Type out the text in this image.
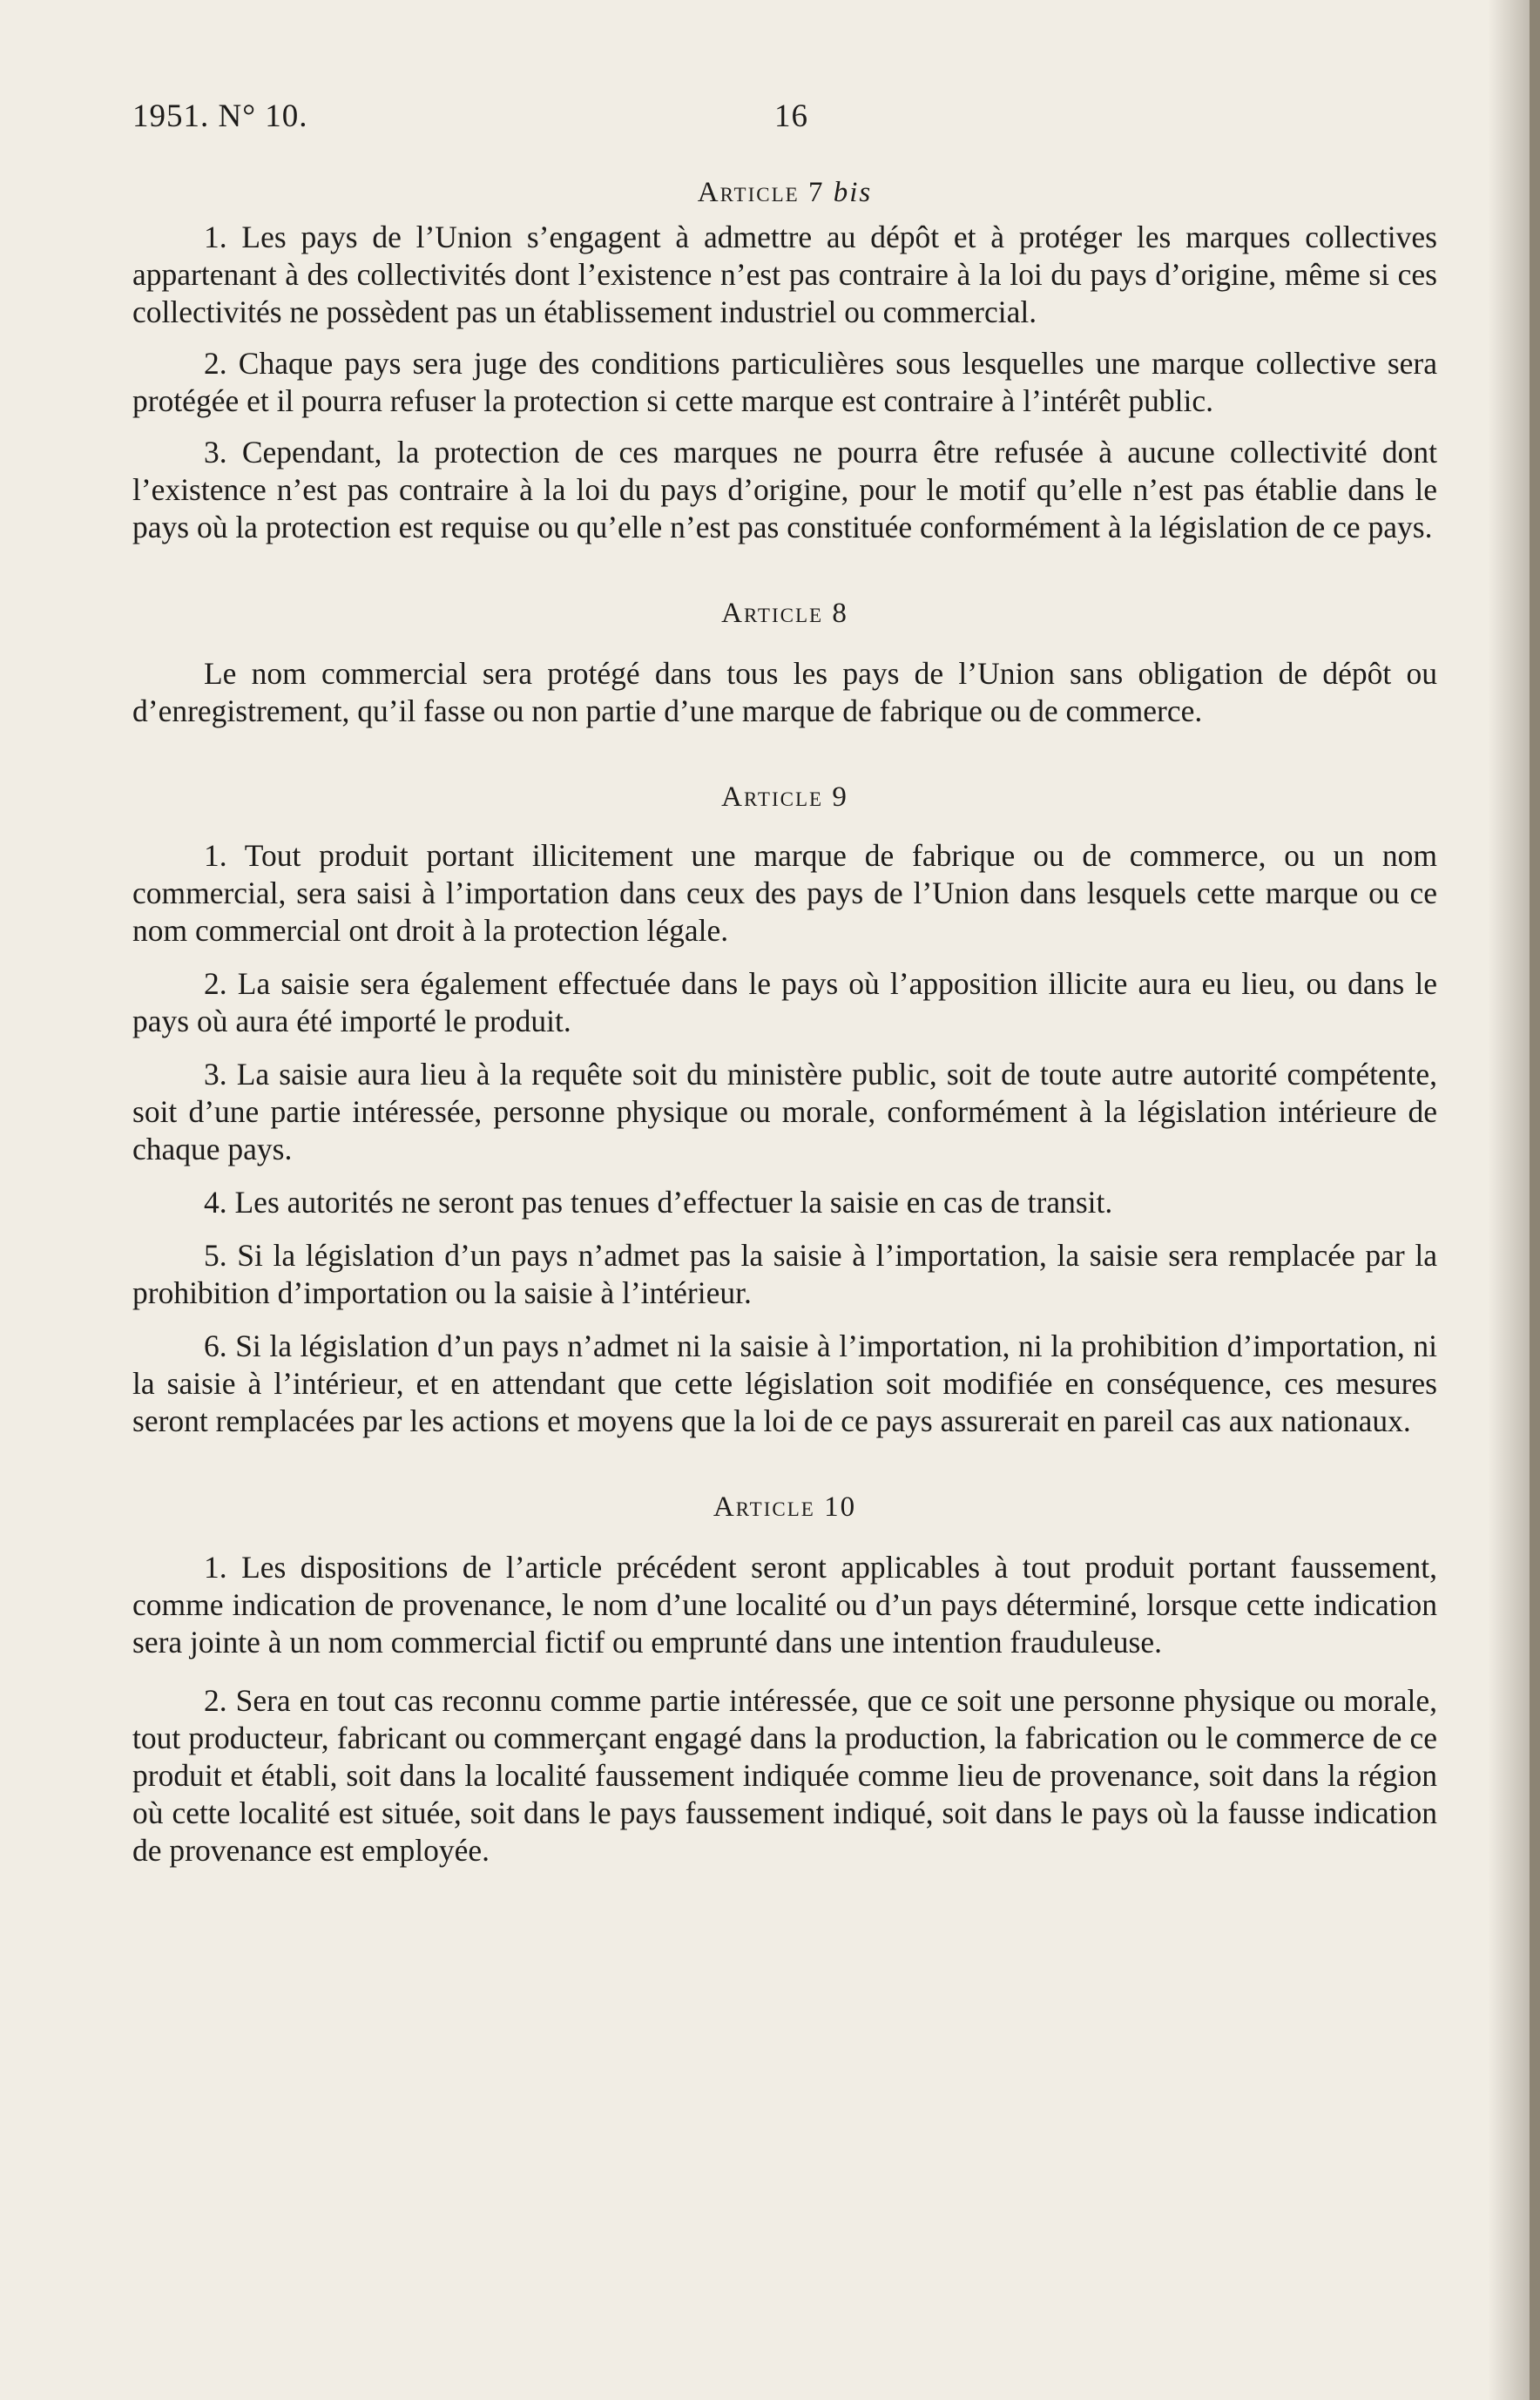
1951. N° 10.	16
Article 7 bis

1. Les pays de l’Union s’engagent à admettre au dépôt et à protéger les marques collectives appartenant à des collectivités dont l’existence n’est pas contraire à la loi du pays d’origine, même si ces collectivités ne possèdent pas un établissement industriel ou commercial.

2. Chaque pays sera juge des conditions particulières sous lesquelles une marque collective sera protégée et il pourra refuser la protection si cette marque est contraire à l’intérêt public.

3. Cependant, la protection de ces marques ne pourra être refusée à aucune collectivité dont l’existence n’est pas contraire à la loi du pays d’origine, pour le motif qu’elle n’est pas établie dans le pays où la protection est requise ou qu’elle n’est pas constituée conformément à la législation de ce pays.

Article 8

Le nom commercial sera protégé dans tous les pays de l’Union sans obligation de dépôt ou d’enregistrement, qu’il fasse ou non partie d’une marque de fabrique ou de commerce.

Article 9

1. Tout produit portant illicitement une marque de fabrique ou de commerce, ou un nom commercial, sera saisi à l’importation dans ceux des pays de l’Union dans lesquels cette marque ou ce nom commercial ont droit à la protection légale.

2. La saisie sera également effectuée dans le pays où l’apposition illicite aura eu lieu, ou dans le pays où aura été importé le produit.

3. La saisie aura lieu à la requête soit du ministère public, soit de toute autre autorité compétente, soit d’une partie intéressée, personne physique ou morale, conformément à la législation intérieure de chaque pays.

4. Les autorités ne seront pas tenues d’effectuer la saisie en cas de transit.

5. Si la législation d’un pays n’admet pas la saisie à l’importation, la saisie sera remplacée par la prohibition d’importation ou la saisie à l’intérieur.

6. Si la législation d’un pays n’admet ni la saisie à l’importation, ni la prohibition d’importation, ni la saisie à l’intérieur, et en attendant que cette législation soit modifiée en conséquence, ces mesures seront remplacées par les actions et moyens que la loi de ce pays assurerait en pareil cas aux nationaux.

Article 10

1. Les dispositions de l’article précédent seront applicables à tout produit portant faussement, comme indication de provenance, le nom d’une localité ou d’un pays déterminé, lorsque cette indication sera jointe à un nom commercial fictif ou emprunté dans une intention frauduleuse.

2. Sera en tout cas reconnu comme partie intéressée, que ce soit une personne physique ou morale, tout producteur, fabricant ou commerçant engagé dans la production, la fabrication ou le commerce de ce produit et établi, soit dans la localité faussement indiquée comme lieu de provenance, soit dans la région où cette localité est située, soit dans le pays faussement indiqué, soit dans le pays où la fausse indication de provenance est employée.
